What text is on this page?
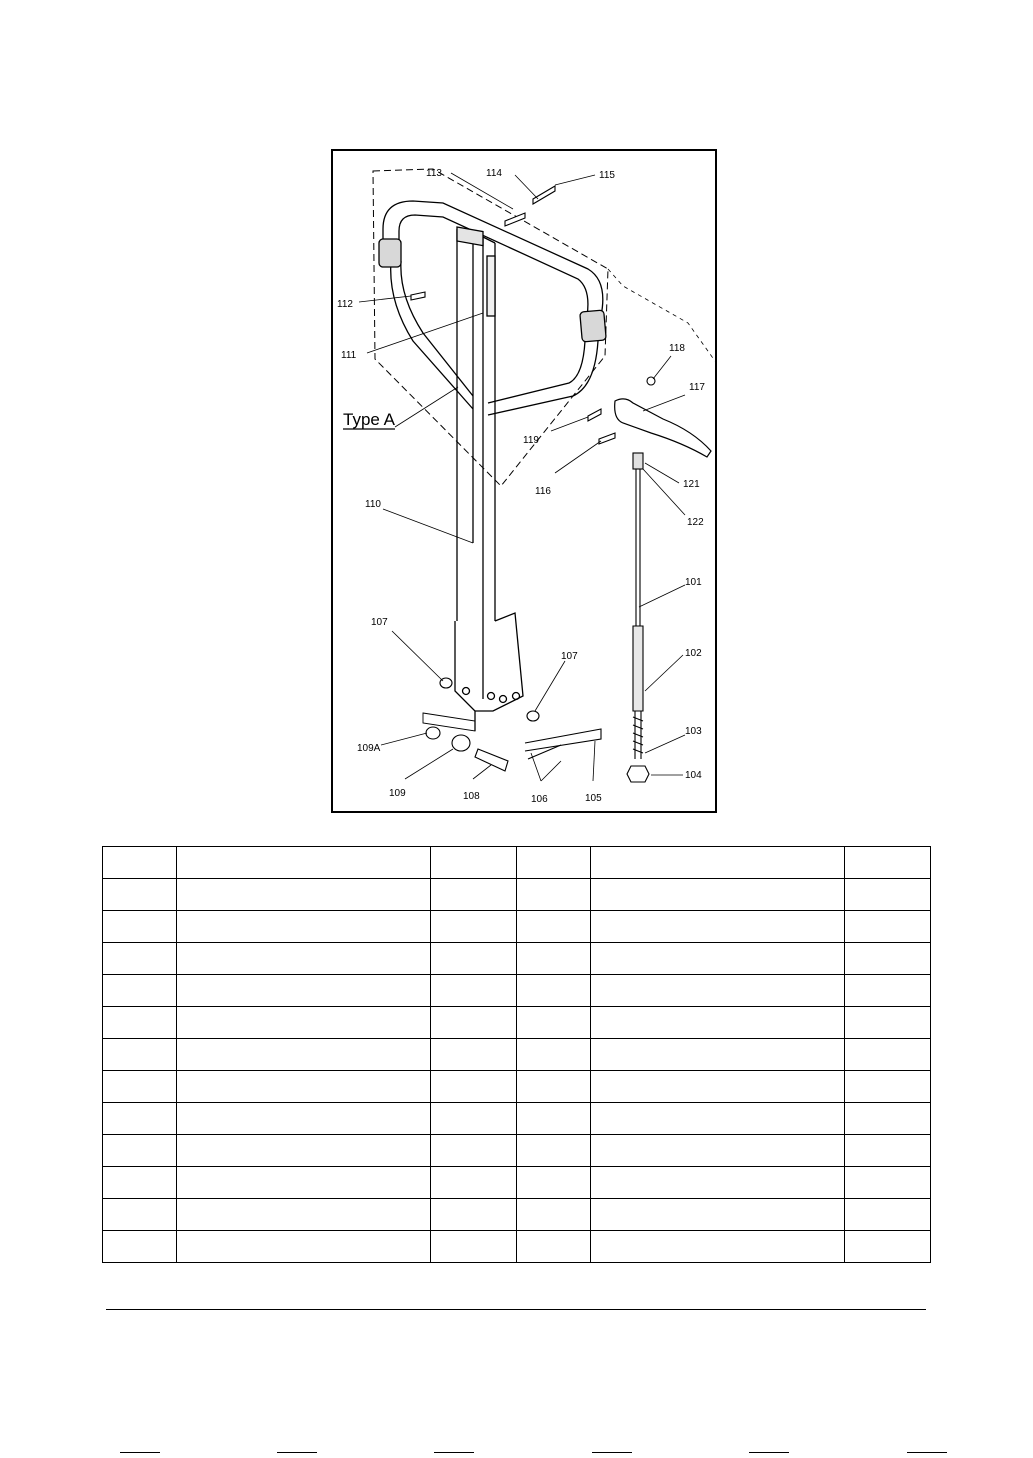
Type A
113	114	115
112
111
118
117
119
116
121
122
110
101
107
107	102
103
104
109A
109	108	106	105
